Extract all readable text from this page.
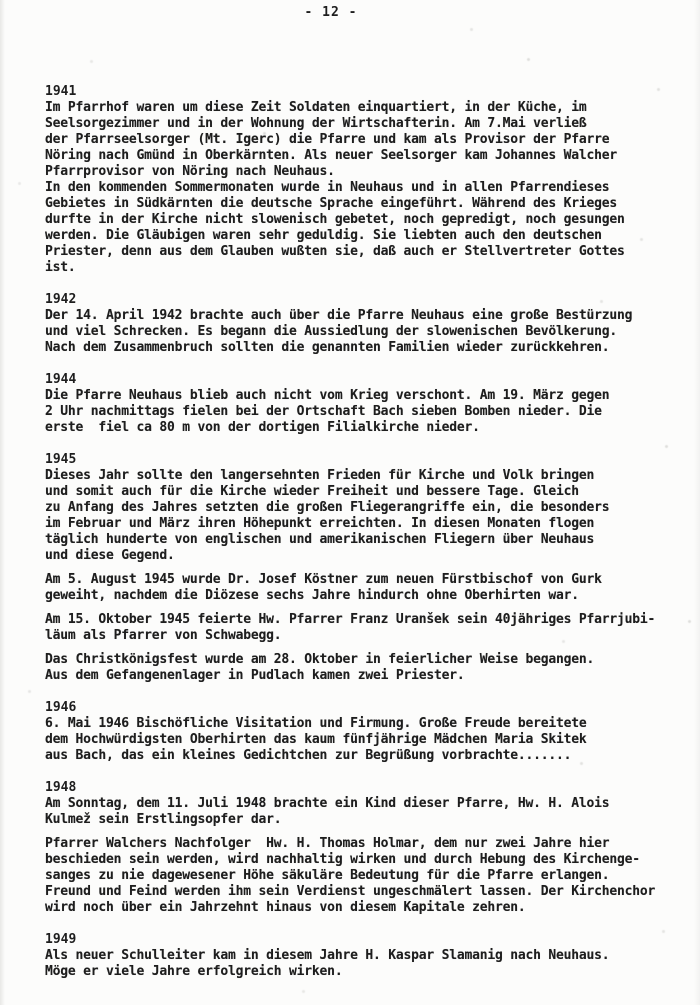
- 12 -
1941
Im Pfarrhof waren um diese Zeit Soldaten einquartiert, in der Küche, im
Seelsorgezimmer und in der Wohnung der Wirtschafterin. Am 7.Mai verließ
der Pfarrseelsorger (Mt. Igerc) die Pfarre und kam als Provisor der Pfarre
Nöring nach Gmünd in Oberkärnten. Als neuer Seelsorger kam Johannes Walcher
Pfarrprovisor von Nöring nach Neuhaus.
In den kommenden Sommermonaten wurde in Neuhaus und in allen Pfarrendieses
Gebietes in Südkärnten die deutsche Sprache eingeführt. Während des Krieges
durfte in der Kirche nicht slowenisch gebetet, noch gepredigt, noch gesungen
werden. Die Gläubigen waren sehr geduldig. Sie liebten auch den deutschen
Priester, denn aus dem Glauben wußten sie, daß auch er Stellvertreter Gottes
ist.
1942
Der 14. April 1942 brachte auch über die Pfarre Neuhaus eine große Bestürzung
und viel Schrecken. Es begann die Aussiedlung der slowenischen Bevölkerung.
Nach dem Zusammenbruch sollten die genannten Familien wieder zurückkehren.
1944
Die Pfarre Neuhaus blieb auch nicht vom Krieg verschont. Am 19. März gegen
2 Uhr nachmittags fielen bei der Ortschaft Bach sieben Bomben nieder. Die
erste  fiel ca 80 m von der dortigen Filialkirche nieder.
1945
Dieses Jahr sollte den langersehnten Frieden für Kirche und Volk bringen
und somit auch für die Kirche wieder Freiheit und bessere Tage. Gleich
zu Anfang des Jahres setzten die großen Fliegerangriffe ein, die besonders
im Februar und März ihren Höhepunkt erreichten. In diesen Monaten flogen
täglich hunderte von englischen und amerikanischen Fliegern über Neuhaus
und diese Gegend.
Am 5. August 1945 wurde Dr. Josef Köstner zum neuen Fürstbischof von Gurk
geweiht, nachdem die Diözese sechs Jahre hindurch ohne Oberhirten war.
Am 15. Oktober 1945 feierte Hw. Pfarrer Franz Uranšek sein 40jähriges Pfarrjubi-
läum als Pfarrer von Schwabegg.
Das Christkönigsfest wurde am 28. Oktober in feierlicher Weise begangen.
Aus dem Gefangenenlager in Pudlach kamen zwei Priester.
1946
6. Mai 1946 Bischöfliche Visitation und Firmung. Große Freude bereitete
dem Hochwürdigsten Oberhirten das kaum fünfjährige Mädchen Maria Skitek
aus Bach, das ein kleines Gedichtchen zur Begrüßung vorbrachte.......
1948
Am Sonntag, dem 11. Juli 1948 brachte ein Kind dieser Pfarre, Hw. H. Alois
Kulmež sein Erstlingsopfer dar.
Pfarrer Walchers Nachfolger  Hw. H. Thomas Holmar, dem nur zwei Jahre hier
beschieden sein werden, wird nachhaltig wirken und durch Hebung des Kirchenge-
sanges zu nie dagewesener Höhe säkuläre Bedeutung für die Pfarre erlangen.
Freund und Feind werden ihm sein Verdienst ungeschmälert lassen. Der Kirchenchor
wird noch über ein Jahrzehnt hinaus von diesem Kapitale zehren.
1949
Als neuer Schulleiter kam in diesem Jahre H. Kaspar Slamanig nach Neuhaus.
Möge er viele Jahre erfolgreich wirken.
